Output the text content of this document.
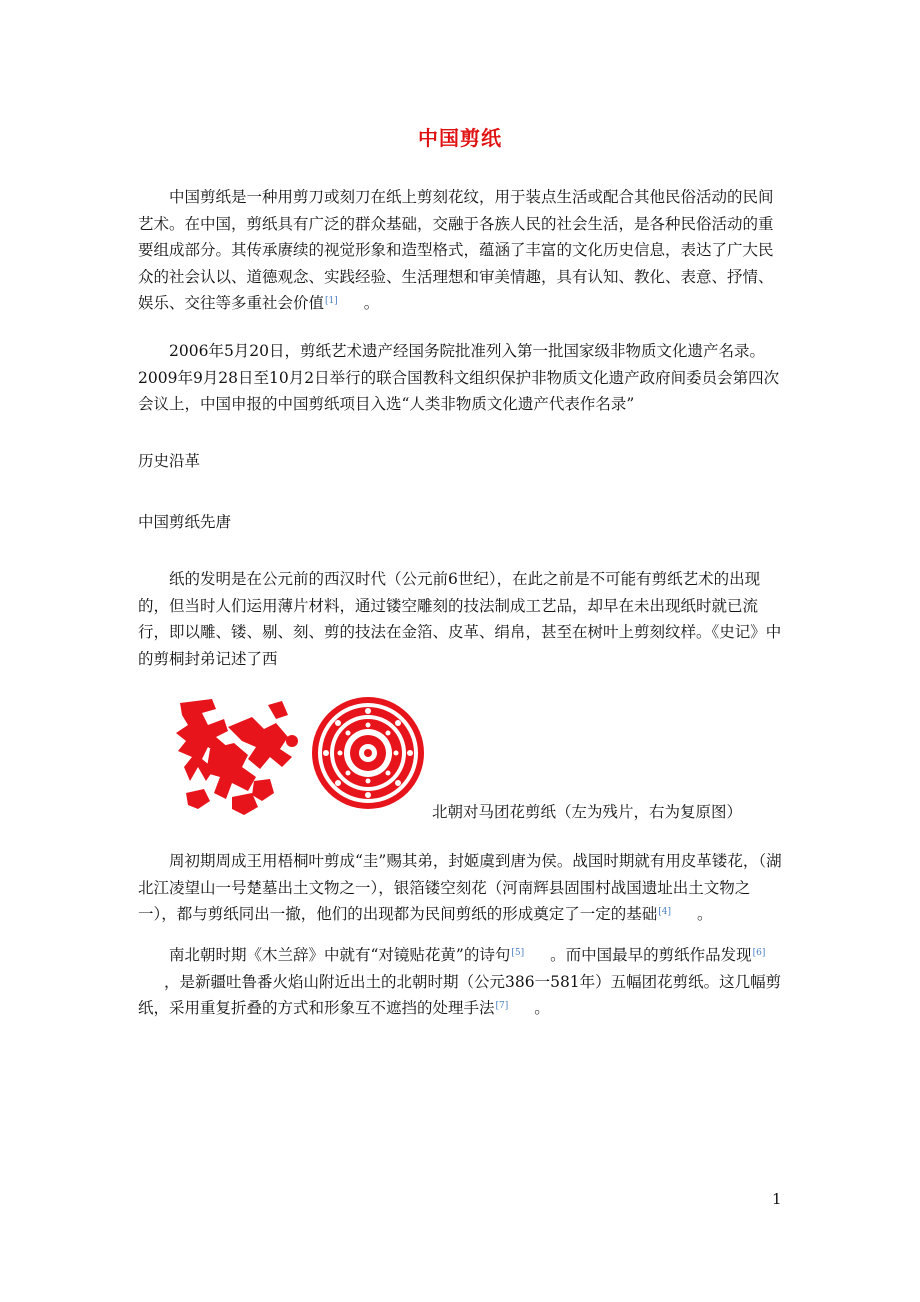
中国剪纸

中国剪纸是一种用剪刀或刻刀在纸上剪刻花纹，用于装点生活或配合其他民俗活动的民间艺术。在中国，剪纸具有广泛的群众基础，交融于各族人民的社会生活，是各种民俗活动的重要组成部分。其传承赓续的视觉形象和造型格式，蕴涵了丰富的文化历史信息，表达了广大民众的社会认以、道德观念、实践经验、生活理想和审美情趣，具有认知、教化、表意、抒情、娱乐、交往等多重社会价值[1] 。

2006年5月20日，剪纸艺术遗产经国务院批准列入第一批国家级非物质文化遗产名录。2009年9月28日至10月2日举行的联合国教科文组织保护非物质文化遗产政府间委员会第四次会议上，中国申报的中国剪纸项目入选“人类非物质文化遗产代表作名录”

历史沿革

中国剪纸先唐

纸的发明是在公元前的西汉时代（公元前6世纪），在此之前是不可能有剪纸艺术的出现的，但当时人们运用薄片材料，通过镂空雕刻的技法制成工艺品，却早在未出现纸时就已流行，即以雕、镂、剔、刻、剪的技法在金箔、皮革、绢帛，甚至在树叶上剪刻纹样。《史记》中的剪桐封弟记述了西

北朝对马团花剪纸（左为残片，右为复原图）

周初期周成王用梧桐叶剪成“圭”赐其弟，封姬虞到唐为侯。战国时期就有用皮革镂花，（湖北江凌望山一号楚墓出土文物之一），银箔镂空刻花（河南辉县固围村战国遗址出土文物之一），都与剪纸同出一撤，他们的出现都为民间剪纸的形成奠定了一定的基础[4] 。

南北朝时期《木兰辞》中就有“对镜贴花黄”的诗句[5] 。而中国最早的剪纸作品发现[6]，是新疆吐鲁番火焰山附近出土的北朝时期（公元386一581年）五幅团花剪纸。这几幅剪纸，采用重复折叠的方式和形象互不遮挡的处理手法[7] 。

1
